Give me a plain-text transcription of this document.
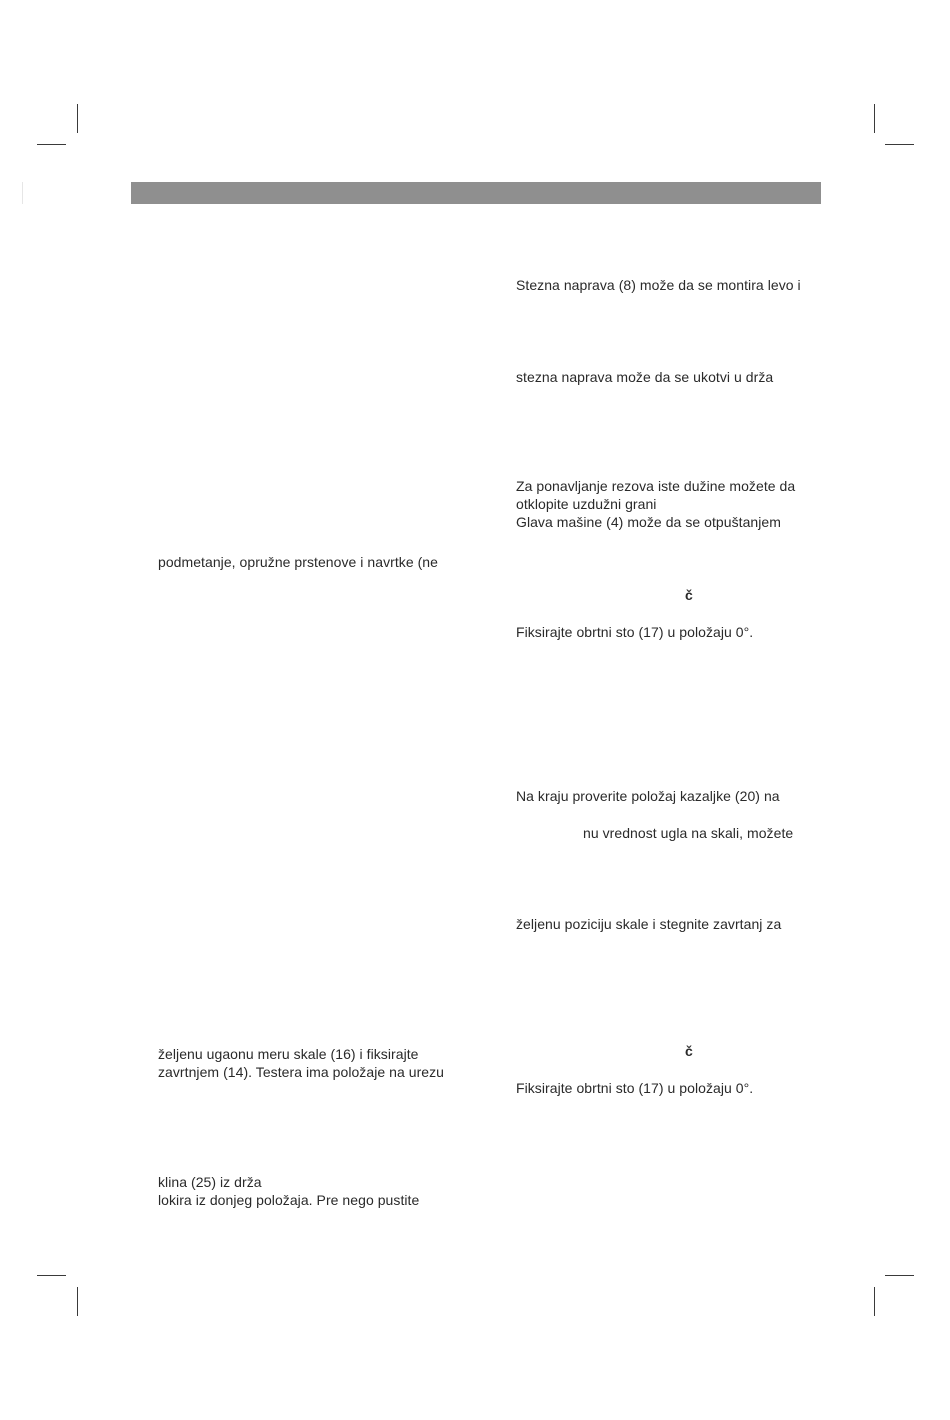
Stezna naprava (8) može da se montira levo i
stezna naprava može da se ukotvi u drža
Za ponavljanje rezova iste dužine možete da
otklopite uzdužni grani
Glava mašine (4) može da se otpuštanjem
č
Fiksirajte obrtni sto (17) u položaju 0°.
Na kraju proverite položaj kazaljke (20) na
nu vrednost ugla na skali, možete
željenu poziciju skale i stegnite zavrtanj za
č
Fiksirajte obrtni sto (17) u položaju 0°.
podmetanje, opružne prstenove i navrtke (ne
željenu ugaonu meru skale (16) i fiksirajte
zavrtnjem (14). Testera ima položaje na urezu
klina (25) iz drža
lokira iz donjeg položaja. Pre nego pustite
